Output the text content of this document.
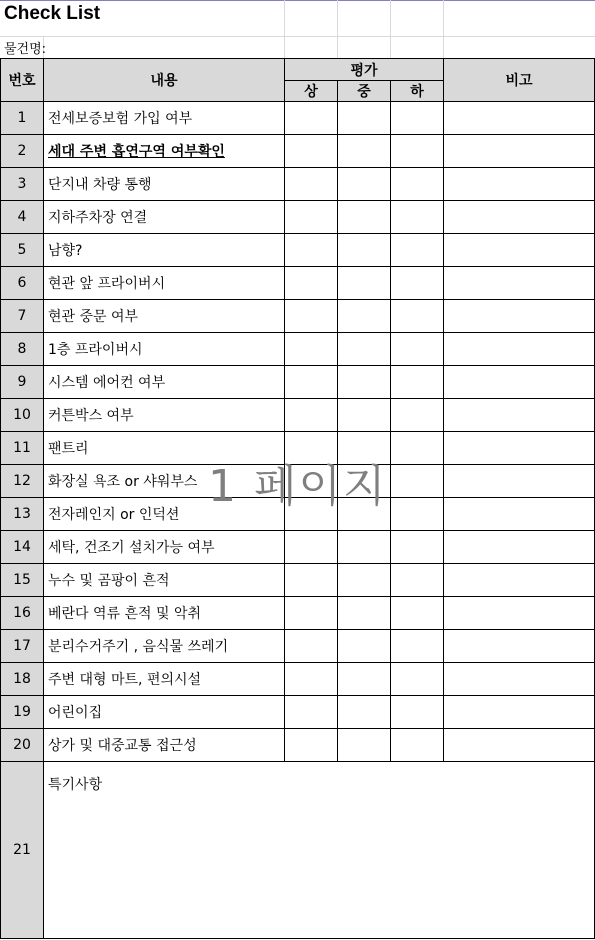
Check List
물건명:
번호	내용	평가			비고
		상	중	하	
1	전세보증보험 가입 여부				
2	세대 주변 흡연구역 여부확인				
3	단지내 차량 통행				
4	지하주차장 연결				
5	남향?				
6	현관 앞 프라이버시				
7	현관 중문 여부				
8	1층 프라이버시				
9	시스템 에어컨 여부				
10	커튼박스 여부				
11	팬트리				
12	화장실 욕조 or 샤워부스				
13	전자레인지 or 인덕션				
14	세탁, 건조기 설치가능 여부				
15	누수 및 곰팡이 흔적				
16	베란다 역류 흔적 및 악취				
17	분리수거주기 , 음식물 쓰레기				
18	주변 대형 마트, 편의시설				
19	어린이집				
20	상가 및 대중교통 접근성				
21	특기사항				
1 페이지
